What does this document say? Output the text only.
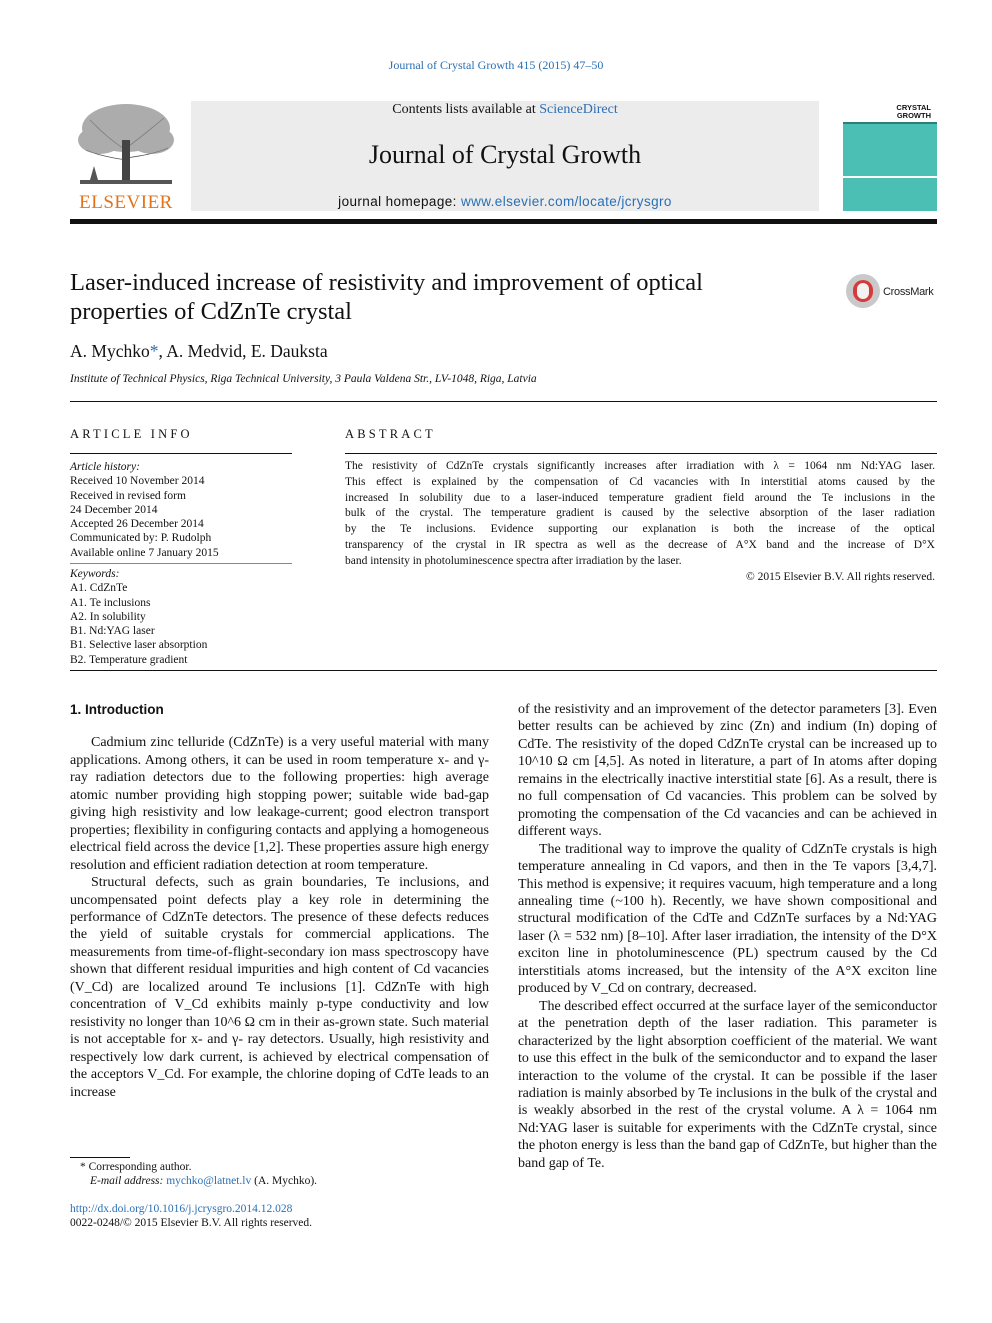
Journal of Crystal Growth 415 (2015) 47–50
ELSEVIER
Contents lists available at ScienceDirect
Journal of Crystal Growth
journal homepage: www.elsevier.com/locate/jcrysgro
CRYSTAL
GROWTH
Laser-induced increase of resistivity and improvement of optical
properties of CdZnTe crystal
CrossMark
A. Mychko*, A. Medvid, E. Dauksta
Institute of Technical Physics, Riga Technical University, 3 Paula Valdena Str., LV-1048, Riga, Latvia
ARTICLE INFO
Article history:
Received 10 November 2014
Received in revised form
24 December 2014
Accepted 26 December 2014
Communicated by: P. Rudolph
Available online 7 January 2015
Keywords:
A1. CdZnTe
A1. Te inclusions
A2. In solubility
B1. Nd:YAG laser
B1. Selective laser absorption
B2. Temperature gradient
ABSTRACT
The resistivity of CdZnTe crystals significantly increases after irradiation with λ = 1064 nm Nd:YAG laser.
This effect is explained by the compensation of Cd vacancies with In interstitial atoms caused by the
increased In solubility due to a laser-induced temperature gradient field around the Te inclusions in the
bulk of the crystal. The temperature gradient is caused by the selective absorption of the laser radiation
by the Te inclusions. Evidence supporting our explanation is both the increase of the optical
transparency of the crystal in IR spectra as well as the decrease of A°X band and the increase of D°X
band intensity in photoluminescence spectra after irradiation by the laser.
© 2015 Elsevier B.V. All rights reserved.

1. Introduction

Cadmium zinc telluride (CdZnTe) is a very useful material with many applications. Among others, it can be used in room temperature x- and γ- ray radiation detectors due to the following properties: high average atomic number providing high stopping power; suitable wide bad-gap giving high resistivity and low leakage-current; good electron transport properties; flexibility in configuring contacts and applying a homogeneous electrical field across the device [1,2]. These properties assure high energy resolution and efficient radiation detection at room temperature.

Structural defects, such as grain boundaries, Te inclusions, and uncompensated point defects play a key role in determining the performance of CdZnTe detectors. The presence of these defects reduces the yield of suitable crystals for commercial applications. The measurements from time-of-flight-secondary ion mass spectroscopy have shown that different residual impurities and high content of Cd vacancies (V_Cd) are localized around Te inclusions [1]. CdZnTe with high concentration of V_Cd exhibits mainly p-type conductivity and low resistivity no longer than 10^6 Ω cm in their as-grown state. Such material is not acceptable for x- and γ- ray detectors. Usually, high resistivity and respectively low dark current, is achieved by electrical compensation of the acceptors V_Cd. For example, the chlorine doping of CdTe leads to an increase

of the resistivity and an improvement of the detector parameters [3]. Even better results can be achieved by zinc (Zn) and indium (In) doping of CdTe. The resistivity of the doped CdZnTe crystal can be increased up to 10^10 Ω cm [4,5]. As noted in literature, a part of In atoms after doping remains in the electrically inactive interstitial state [6]. As a result, there is no full compensation of Cd vacancies. This problem can be solved by promoting the compensation of the Cd vacancies and can be achieved in different ways.

The traditional way to improve the quality of CdZnTe crystals is high temperature annealing in Cd vapors, and then in the Te vapors [3,4,7]. This method is expensive; it requires vacuum, high temperature and a long annealing time (~100 h). Recently, we have shown compositional and structural modification of the CdTe and CdZnTe surfaces by a Nd:YAG laser (λ = 532 nm) [8–10]. After laser irradiation, the intensity of the D°X exciton line in photoluminescence (PL) spectrum caused by the Cd interstitials atoms increased, but the intensity of the A°X exciton line produced by V_Cd on contrary, decreased.

The described effect occurred at the surface layer of the semiconductor at the penetration depth of the laser radiation. This parameter is characterized by the light absorption coefficient of the material. We want to use this effect in the bulk of the semiconductor and to expand the laser interaction to the volume of the crystal. It can be possible if the laser radiation is mainly absorbed by Te inclusions in the bulk of the crystal and is weakly absorbed in the rest of the crystal volume. A λ = 1064 nm Nd:YAG laser is suitable for experiments with the CdZnTe crystal, since the photon energy is less than the band gap of CdZnTe, but higher than the band gap of Te.

* Corresponding author.
E-mail address: mychko@latnet.lv (A. Mychko).
http://dx.doi.org/10.1016/j.jcrysgro.2014.12.028
0022-0248/© 2015 Elsevier B.V. All rights reserved.
